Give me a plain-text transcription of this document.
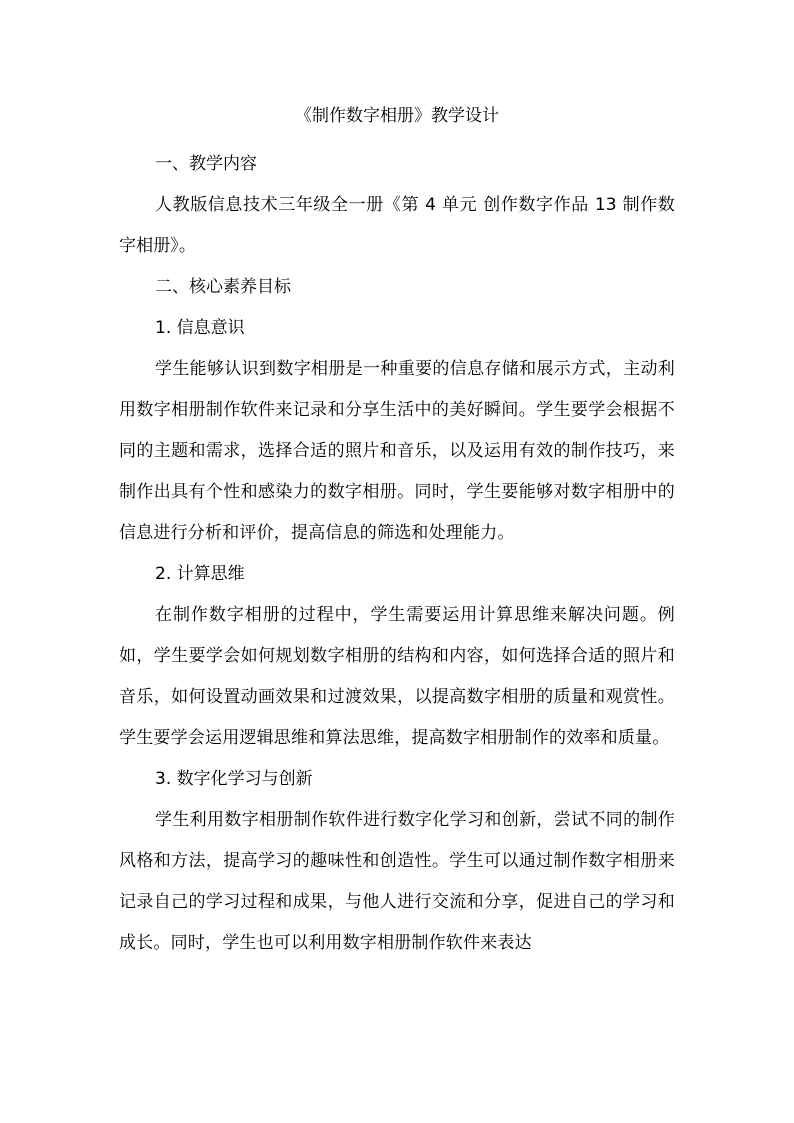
《制作数字相册》教学设计

一、教学内容

人教版信息技术三年级全一册《第 4 单元 创作数字作品 13 制作数字相册》。

二、核心素养目标

1. 信息意识

学生能够认识到数字相册是一种重要的信息存储和展示方式，主动利用数字相册制作软件来记录和分享生活中的美好瞬间。学生要学会根据不同的主题和需求，选择合适的照片和音乐，以及运用有效的制作技巧，来制作出具有个性和感染力的数字相册。同时，学生要能够对数字相册中的信息进行分析和评价，提高信息的筛选和处理能力。

2. 计算思维

在制作数字相册的过程中，学生需要运用计算思维来解决问题。例如，学生要学会如何规划数字相册的结构和内容，如何选择合适的照片和音乐，如何设置动画效果和过渡效果，以提高数字相册的质量和观赏性。学生要学会运用逻辑思维和算法思维，提高数字相册制作的效率和质量。

3. 数字化学习与创新

学生利用数字相册制作软件进行数字化学习和创新，尝试不同的制作风格和方法，提高学习的趣味性和创造性。学生可以通过制作数字相册来记录自己的学习过程和成果，与他人进行交流和分享，促进自己的学习和成长。同时，学生也可以利用数字相册制作软件来表达
